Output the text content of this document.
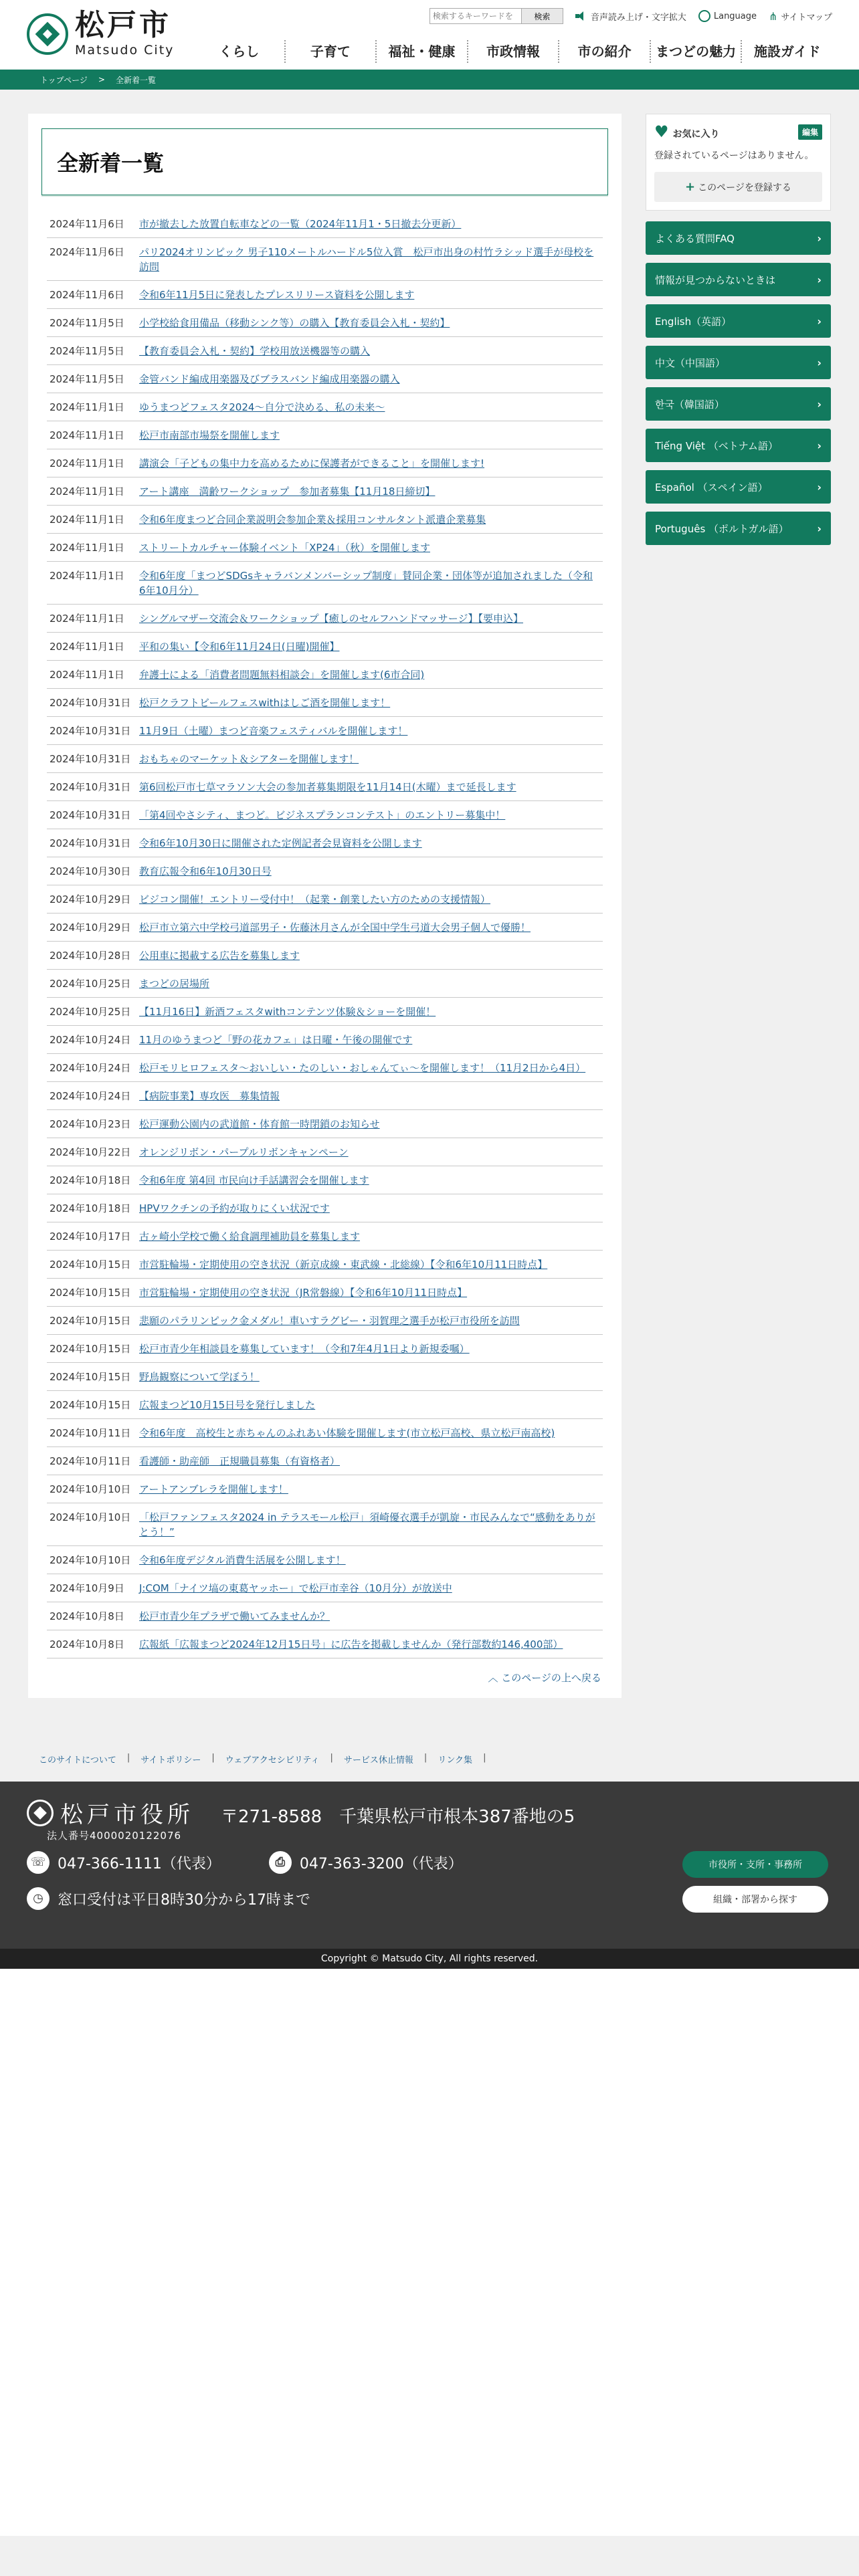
松戸市
Matsudo City
検索するキーワードを
検索	音声読み上げ・文字拡大	Language ⋔ サイトマップ
くらし	子育て	福祉・健康	市政情報	市の紹介	まつどの魅力	施設ガイド
トップページ > 全新着一覧
全新着一覧
2024年11月6日	市が撤去した放置自転車などの一覧（2024年11月1・5日撤去分更新）
2024年11月6日	パリ2024オリンピック 男子110メートルハードル5位入賞　松戸市出身の村竹ラシッド選手が母校を訪問
2024年11月6日	令和6年11月5日に発表したプレスリリース資料を公開します
2024年11月5日	小学校給食用備品（移動シンク等）の購入【教育委員会入札・契約】
2024年11月5日	【教育委員会入札・契約】学校用放送機器等の購入
2024年11月5日	金管バンド編成用楽器及びブラスバンド編成用楽器の購入
2024年11月1日	ゆうまつどフェスタ2024～自分で決める、私の未来～
2024年11月1日	松戸市南部市場祭を開催します
2024年11月1日	講演会「子どもの集中力を高めるために保護者ができること」を開催します!
2024年11月1日	アート講座　満齢ワークショップ　参加者募集【11月18日締切】
2024年11月1日	令和6年度まつど合同企業説明会参加企業＆採用コンサルタント派遣企業募集
2024年11月1日	ストリートカルチャー体験イベント「XP24」（秋）を開催します
2024年11月1日	令和6年度「まつどSDGsキャラバンメンバーシップ制度」賛同企業・団体等が追加されました（令和6年10月分）
2024年11月1日	シングルマザー交流会＆ワークショップ【癒しのセルフハンドマッサージ】【要申込】
2024年11月1日	平和の集い【令和6年11月24日(日曜)開催】
2024年11月1日	弁護士による「消費者問題無料相談会」を開催します(6市合同)
2024年10月31日 松戸クラフトビールフェスwithはしご酒を開催します！
2024年10月31日 11月9日（土曜）まつど音楽フェスティバルを開催します！
2024年10月31日 おもちゃのマーケット＆シアターを開催します！
2024年10月31日 第6回松戸市七草マラソン大会の参加者募集期限を11月14日(木曜）まで延長します
2024年10月31日 「第4回やさシティ、まつど。ビジネスプランコンテスト」のエントリー募集中！
2024年10月31日 令和6年10月30日に開催された定例記者会見資料を公開します
2024年10月30日 教育広報令和6年10月30日号
2024年10月29日 ビジコン開催！エントリー受付中！（起業・創業したい方のための支援情報）
2024年10月29日 松戸市立第六中学校弓道部男子・佐藤沐月さんが全国中学生弓道大会男子個人で優勝！
2024年10月28日 公用車に掲載する広告を募集します
2024年10月25日 まつどの居場所
2024年10月25日 【11月16日】新酒フェスタwithコンテンツ体験＆ショーを開催！
2024年10月24日 11月のゆうまつど「野の花カフェ」は日曜・午後の開催です
2024年10月24日 松戸モリヒロフェスタ～おいしい・たのしい・おしゃんてぃ～を開催します！（11月2日から4日）
2024年10月24日 【病院事業】専攻医　募集情報
2024年10月23日 松戸運動公園内の武道館・体育館一時閉鎖のお知らせ
2024年10月22日 オレンジリボン・パープルリボンキャンペーン
2024年10月18日 令和6年度 第4回 市民向け手話講習会を開催します
2024年10月18日 HPVワクチンの予約が取りにくい状況です
2024年10月17日 古ヶ崎小学校で働く給食調理補助員を募集します
2024年10月15日 市営駐輪場・定期使用の空き状況（新京成線・東武線・北総線）【令和6年10月11日時点】
2024年10月15日 市営駐輪場・定期使用の空き状況（JR常磐線）【令和6年10月11日時点】
2024年10月15日 悲願のパラリンピック金メダル！車いすラグビー・羽賀理之選手が松戸市役所を訪問
2024年10月15日 松戸市青少年相談員を募集しています！（令和7年4月1日より新規委嘱）
2024年10月15日 野鳥観察について学ぼう！
2024年10月15日 広報まつど10月15日号を発行しました
2024年10月11日 令和6年度　高校生と赤ちゃんのふれあい体験を開催します(市立松戸高校、県立松戸南高校)
2024年10月11日 看護師・助産師　正規職員募集（有資格者）
2024年10月10日 アートアンブレラを開催します！
2024年10月10日 「松戸ファンフェスタ2024 in テラスモール松戸」須崎優衣選手が凱旋・市民みんなで“感動をありがとう！”
2024年10月10日 令和6年度デジタル消費生活展を公開します！
2024年10月9日	J:COM「ナイツ塙の東葛ヤッホー」で松戸市幸谷（10月分）が放送中
2024年10月8日	松戸市青少年プラザで働いてみませんか？
2024年10月8日	広報紙「広報まつど2024年12月15日号」に広告を掲載しませんか（発行部数約146,400部）
︿ このページの上へ戻る
♥ お気に入り	編集

登録されているページはありません。

+ このページを登録する
よくある質問FAQ	›
情報が見つからないときは	›
English（英語）	›
中文（中国語）	›
한국（韓国語）	›
Tiếng Việt （ベトナム語）	›
Español （スペイン語）	›
Português （ポルトガル語）	›
このサイトについて | サイトポリシー | ウェブアクセシビリティ | サービス休止情報 | リンク集 |
松戸市役所
法人番号4000020122076
〒271-8588　千葉県松戸市根本387番地の5
☏ 047-366-1111（代表）	⎙ 047-363-3200（代表）
◷ 窓口受付は平日8時30分から17時まで
市役所・支所・事務所
組織・部署から探す
Copyright © Matsudo City, All rights reserved.
